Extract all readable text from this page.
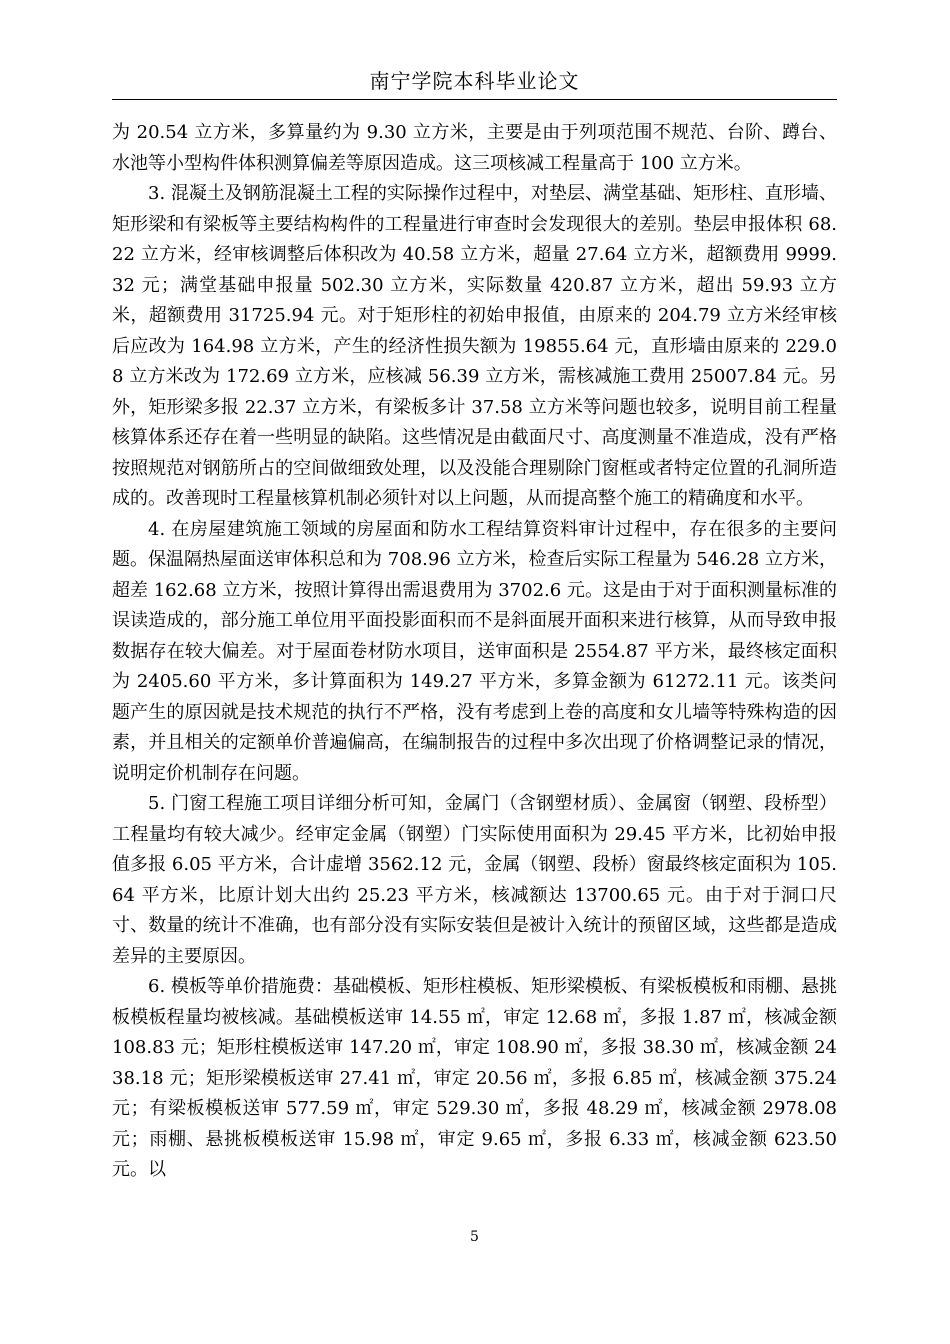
南宁学院本科毕业论文

为 20.54 立方米，多算量约为 9.30 立方米，主要是由于列项范围不规范、台阶、蹲台、水池等小型构件体积测算偏差等原因造成。这三项核减工程量高于 100 立方米。

3. 混凝土及钢筋混凝土工程的实际操作过程中，对垫层、满堂基础、矩形柱、直形墙、矩形梁和有梁板等主要结构构件的工程量进行审查时会发现很大的差别。垫层申报体积 68.22 立方米，经审核调整后体积改为 40.58 立方米，超量 27.64 立方米，超额费用 9999.32 元；满堂基础申报量 502.30 立方米，实际数量 420.87 立方米，超出 59.93 立方米，超额费用 31725.94 元。对于矩形柱的初始申报值，由原来的 204.79 立方米经审核后应改为 164.98 立方米，产生的经济性损失额为 19855.64 元，直形墙由原来的 229.08 立方米改为 172.69 立方米，应核减 56.39 立方米，需核减施工费用 25007.84 元。另外，矩形梁多报 22.37 立方米，有梁板多计 37.58 立方米等问题也较多，说明目前工程量核算体系还存在着一些明显的缺陷。这些情况是由截面尺寸、高度测量不准造成，没有严格按照规范对钢筋所占的空间做细致处理，以及没能合理剔除门窗框或者特定位置的孔洞所造成的。改善现时工程量核算机制必须针对以上问题，从而提高整个施工的精确度和水平。

4. 在房屋建筑施工领域的房屋面和防水工程结算资料审计过程中，存在很多的主要问题。保温隔热屋面送审体积总和为 708.96 立方米，检查后实际工程量为 546.28 立方米，超差 162.68 立方米，按照计算得出需退费用为 3702.6 元。这是由于对于面积测量标准的误读造成的，部分施工单位用平面投影面积而不是斜面展开面积来进行核算，从而导致申报数据存在较大偏差。对于屋面卷材防水项目，送审面积是 2554.87 平方米，最终核定面积为 2405.60 平方米，多计算面积为 149.27 平方米，多算金额为 61272.11 元。该类问题产生的原因就是技术规范的执行不严格，没有考虑到上卷的高度和女儿墙等特殊构造的因素，并且相关的定额单价普遍偏高，在编制报告的过程中多次出现了价格调整记录的情况，说明定价机制存在问题。

5. 门窗工程施工项目详细分析可知，金属门（含钢塑材质）、金属窗（钢塑、段桥型）工程量均有较大减少。经审定金属（钢塑）门实际使用面积为 29.45 平方米，比初始申报值多报 6.05 平方米，合计虚增 3562.12 元，金属（钢塑、段桥）窗最终核定面积为 105.64 平方米，比原计划大出约 25.23 平方米，核减额达 13700.65 元。由于对于洞口尺寸、数量的统计不准确，也有部分没有实际安装但是被计入统计的预留区域，这些都是造成差异的主要原因。

6. 模板等单价措施费：基础模板、矩形柱模板、矩形梁模板、有梁板模板和雨棚、悬挑板模板程量均被核减。基础模板送审 14.55 ㎡，审定 12.68 ㎡，多报 1.87 ㎡，核减金额 108.83 元；矩形柱模板送审 147.20 ㎡，审定 108.90 ㎡，多报 38.30 ㎡，核减金额 2438.18 元；矩形梁模板送审 27.41 ㎡，审定 20.56 ㎡，多报 6.85 ㎡，核减金额 375.24 元；有梁板模板送审 577.59 ㎡，审定 529.30 ㎡，多报 48.29 ㎡，核减金额 2978.08 元；雨棚、悬挑板模板送审 15.98 ㎡，审定 9.65 ㎡，多报 6.33 ㎡，核减金额 623.50 元。以

5
